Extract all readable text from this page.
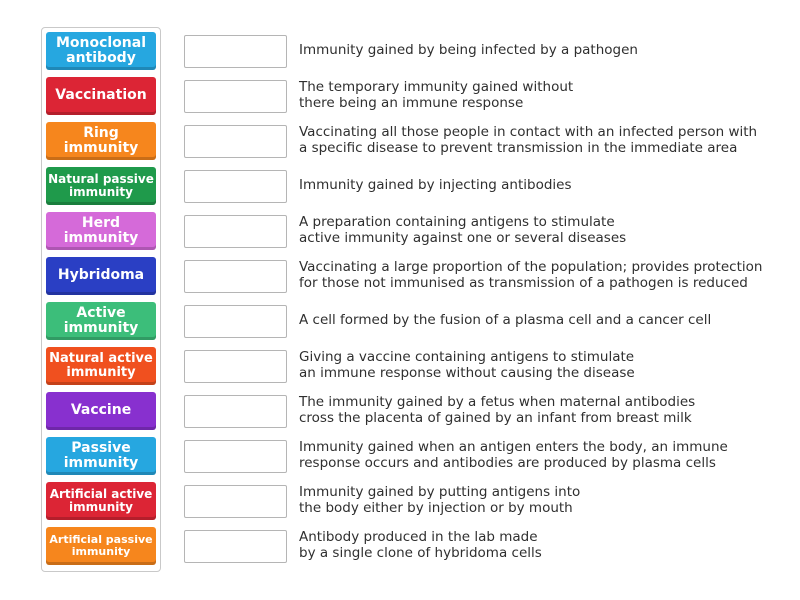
Monoclonal antibody
Vaccination
Ring immunity
Natural passive immunity
Herd immunity
Hybridoma
Active immunity
Natural active immunity
Vaccine
Passive immunity
Artificial active immunity
Artificial passive immunity
Immunity gained by being infected by a pathogen
The temporary immunity gained without
there being an immune response
Vaccinating all those people in contact with an infected person with
a specific disease to prevent transmission in the immediate area
Immunity gained by injecting antibodies
A preparation containing antigens to stimulate
active immunity against one or several diseases
Vaccinating a large proportion of the population; provides protection
for those not immunised as transmission of a pathogen is reduced
A cell formed by the fusion of a plasma cell and a cancer cell
Giving a vaccine containing antigens to stimulate
an immune response without causing the disease
The immunity gained by a fetus when maternal antibodies
cross the placenta of gained by an infant from breast milk
Immunity gained when an antigen enters the body, an immune
response occurs and antibodies are produced by plasma cells
Immunity gained by putting antigens into
the body either by injection or by mouth
Antibody produced in the lab made
by a single clone of hybridoma cells
